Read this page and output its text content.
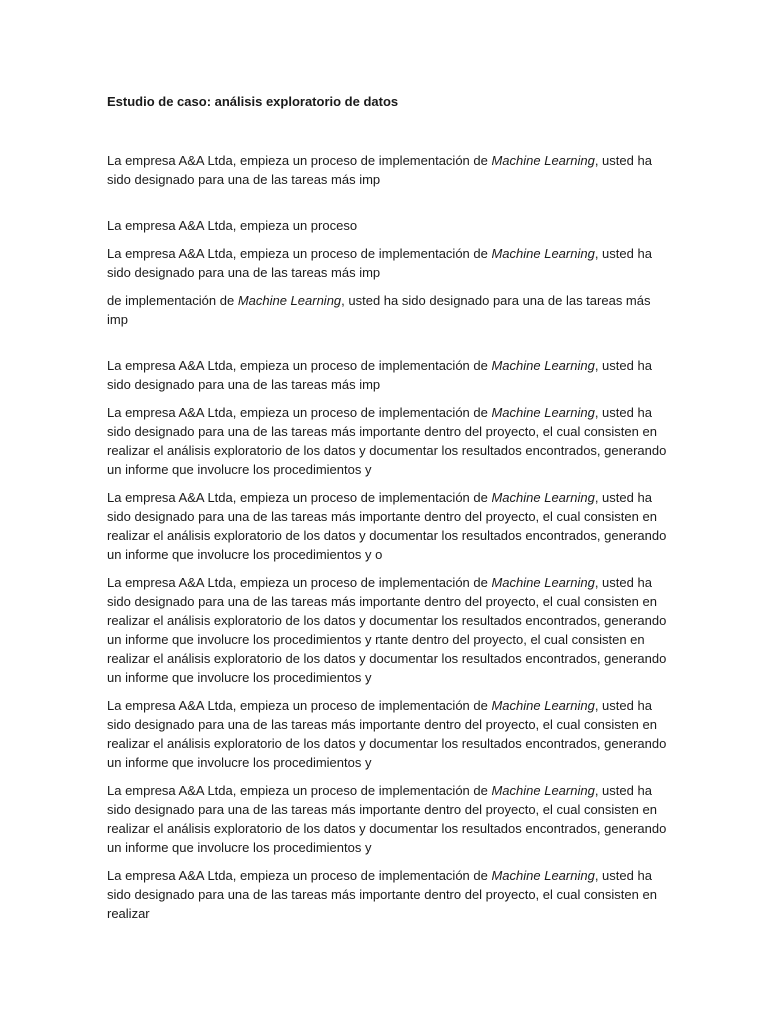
Estudio de caso: análisis exploratorio de datos

La empresa A&A Ltda, empieza un proceso de implementación de Machine Learning, usted ha sido designado para una de las tareas más imp

La empresa A&A Ltda, empieza un proceso

La empresa A&A Ltda, empieza un proceso de implementación de Machine Learning, usted ha sido designado para una de las tareas más imp

de implementación de Machine Learning, usted ha sido designado para una de las tareas más imp

La empresa A&A Ltda, empieza un proceso de implementación de Machine Learning, usted ha sido designado para una de las tareas más imp

La empresa A&A Ltda, empieza un proceso de implementación de Machine Learning, usted ha sido designado para una de las tareas más importante dentro del proyecto, el cual consisten en realizar el análisis exploratorio de los datos y documentar los resultados encontrados, generando un informe que involucre los procedimientos y

La empresa A&A Ltda, empieza un proceso de implementación de Machine Learning, usted ha sido designado para una de las tareas más importante dentro del proyecto, el cual consisten en realizar el análisis exploratorio de los datos y documentar los resultados encontrados, generando un informe que involucre los procedimientos y o

La empresa A&A Ltda, empieza un proceso de implementación de Machine Learning, usted ha sido designado para una de las tareas más importante dentro del proyecto, el cual consisten en realizar el análisis exploratorio de los datos y documentar los resultados encontrados, generando un informe que involucre los procedimientos y rtante dentro del proyecto, el cual consisten en realizar el análisis exploratorio de los datos y documentar los resultados encontrados, generando un informe que involucre los procedimientos y

La empresa A&A Ltda, empieza un proceso de implementación de Machine Learning, usted ha sido designado para una de las tareas más importante dentro del proyecto, el cual consisten en realizar el análisis exploratorio de los datos y documentar los resultados encontrados, generando un informe que involucre los procedimientos y

La empresa A&A Ltda, empieza un proceso de implementación de Machine Learning, usted ha sido designado para una de las tareas más importante dentro del proyecto, el cual consisten en realizar el análisis exploratorio de los datos y documentar los resultados encontrados, generando un informe que involucre los procedimientos y

La empresa A&A Ltda, empieza un proceso de implementación de Machine Learning, usted ha sido designado para una de las tareas más importante dentro del proyecto, el cual consisten en realizar
